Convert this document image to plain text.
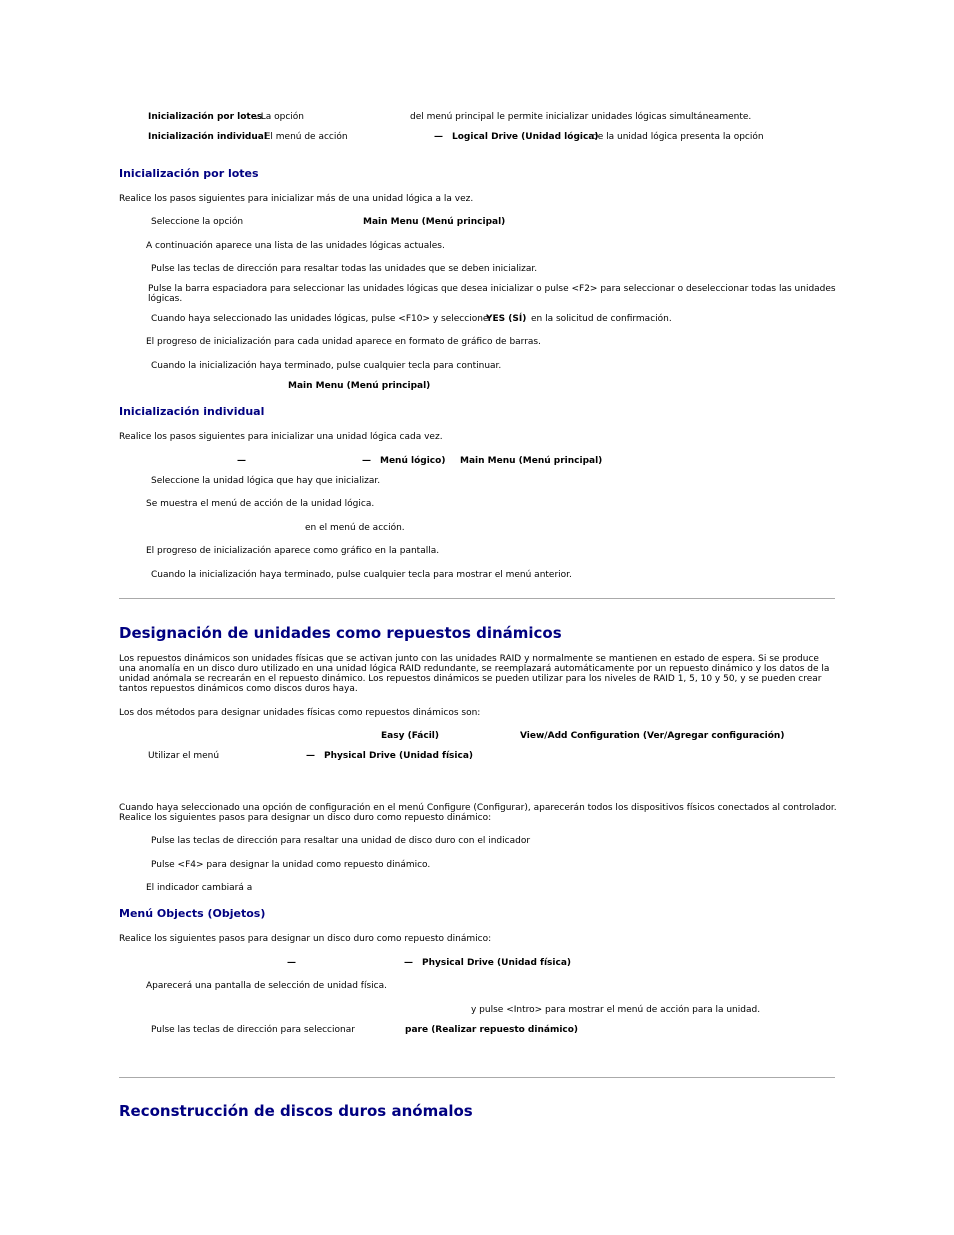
Inicialización por lotes
. La opción	del menú principal le permite inicializar unidades lógicas simultáneamente.
Inicialización individual
. El menú de acción	— Logical Drive (Unidad lógica)
de la unidad lógica presenta la opción
Inicialización por lotes
Realice los pasos siguientes para inicializar más de una unidad lógica a la vez.
Seleccione la opción	Main Menu (Menú principal)
A continuación aparece una lista de las unidades lógicas actuales.
Pulse las teclas de dirección para resaltar todas las unidades que se deben inicializar.
Pulse la barra espaciadora para seleccionar las unidades lógicas que desea inicializar o pulse <F2> para seleccionar o deseleccionar todas las unidades lógicas.
Cuando haya seleccionado las unidades lógicas, pulse <F10> y seleccione
YES (SÍ) en la solicitud de confirmación.
El progreso de inicialización para cada unidad aparece en formato de gráfico de barras.
Cuando la inicialización haya terminado, pulse cualquier tecla para continuar.
Main Menu (Menú principal)
Inicialización individual
Realice los pasos siguientes para inicializar una unidad lógica cada vez.
—	— Menú lógico) Main Menu (Menú principal)
Seleccione la unidad lógica que hay que inicializar.
Se muestra el menú de acción de la unidad lógica.
en el menú de acción.
El progreso de inicialización aparece como gráfico en la pantalla.
Cuando la inicialización haya terminado, pulse cualquier tecla para mostrar el menú anterior.
Designación de unidades como repuestos dinámicos
Los repuestos dinámicos son unidades físicas que se activan junto con las unidades RAID y normalmente se mantienen en estado de espera. Si se produce una anomalía en un disco duro utilizado en una unidad lógica RAID redundante, se reemplazará automáticamente por un repuesto dinámico y los datos de la unidad anómala se recrearán en el repuesto dinámico. Los repuestos dinámicos se pueden utilizar para los niveles de RAID 1, 5, 10 y 50, y se pueden crear tantos repuestos dinámicos como discos duros haya.
Los dos métodos para designar unidades físicas como repuestos dinámicos son:
Easy (Fácil)	View/Add Configuration (Ver/Agregar configuración)
Utilizar el menú	— Physical Drive (Unidad física)
Cuando haya seleccionado una opción de configuración en el menú Configure (Configurar), aparecerán todos los dispositivos físicos conectados al controlador. Realice los siguientes pasos para designar un disco duro como repuesto dinámico:
Pulse las teclas de dirección para resaltar una unidad de disco duro con el indicador
Pulse <F4> para designar la unidad como repuesto dinámico.
El indicador cambiará a
Menú Objects (Objetos)
Realice los siguientes pasos para designar un disco duro como repuesto dinámico:
—	— Physical Drive (Unidad física)
Aparecerá una pantalla de selección de unidad física.
y pulse <Intro> para mostrar el menú de acción para la unidad.
Pulse las teclas de dirección para seleccionar	pare (Realizar repuesto dinámico)
Reconstrucción de discos duros anómalos
